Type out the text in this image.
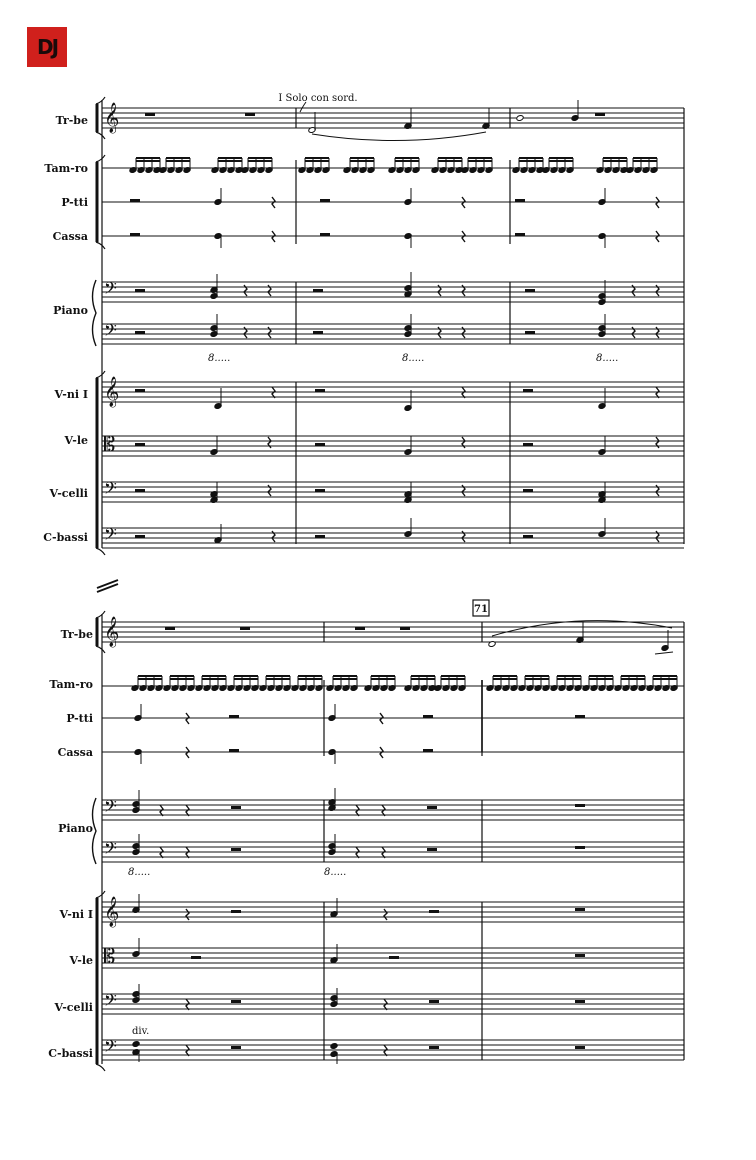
DJ
Tr-be
Tam-ro
P-tti
Cassa
Piano
V-ni I
V-le
V-celli
C-bassi
𝄞
𝄢
𝄢
𝄞
𝄡
𝄢
𝄢
I Solo con sord.
8.....	8.....	8.....
Tr-be
Tam-ro
P-tti
Cassa
Piano
V-ni I
V-le
V-celli
C-bassi
𝄞
𝄢
𝄢
𝄞
𝄡
𝄢
𝄢
71
8.....	8.....
div.
